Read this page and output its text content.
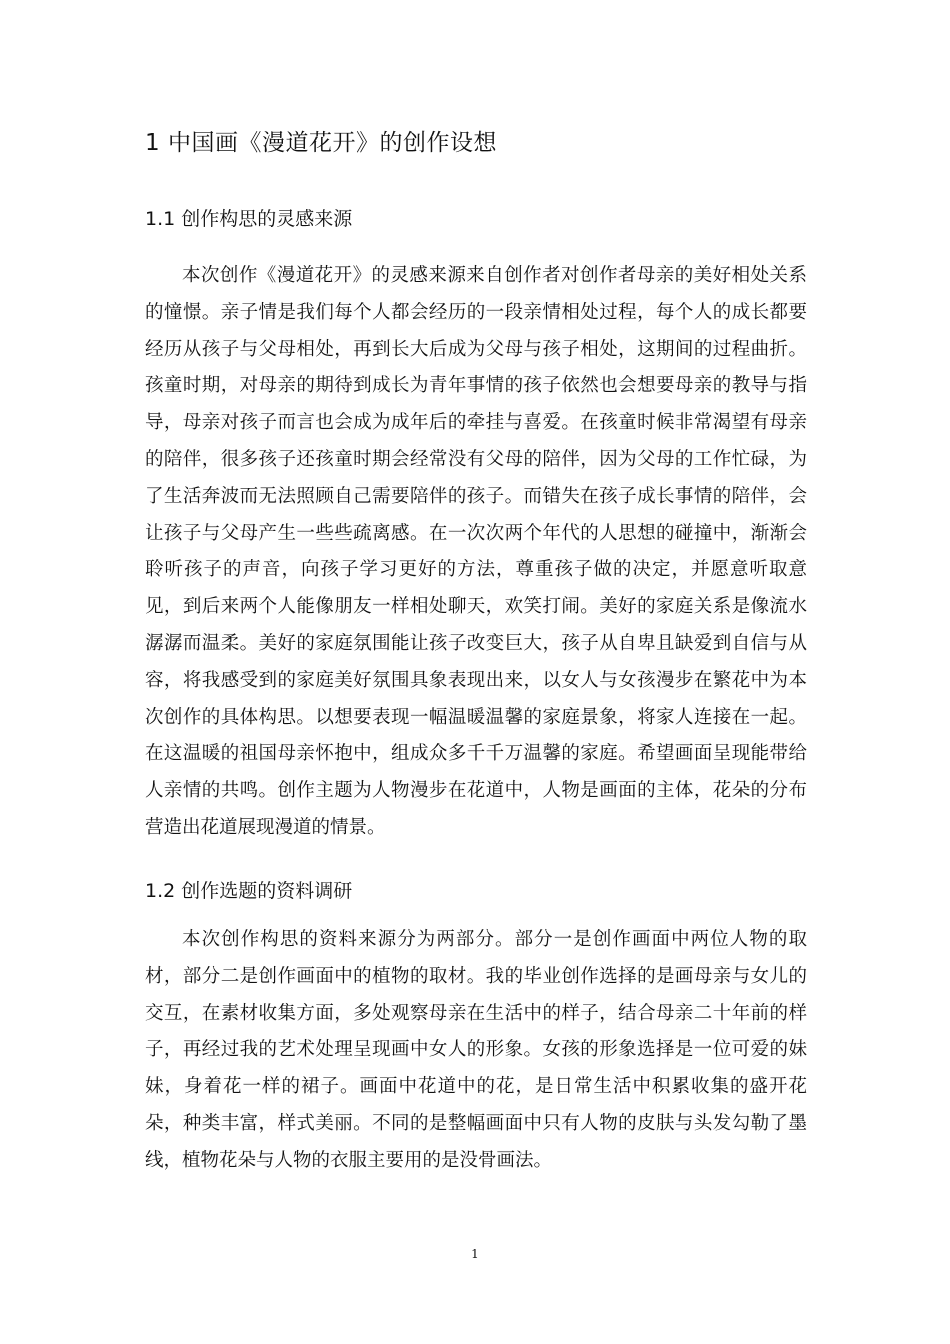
1 中国画《漫道花开》的创作设想
1.1 创作构思的灵感来源

本次创作《漫道花开》的灵感来源来自创作者对创作者母亲的美好相处关系的憧憬。亲子情是我们每个人都会经历的一段亲情相处过程，每个人的成长都要经历从孩子与父母相处，再到长大后成为父母与孩子相处，这期间的过程曲折。孩童时期，对母亲的期待到成长为青年事情的孩子依然也会想要母亲的教导与指导，母亲对孩子而言也会成为成年后的牵挂与喜爱。在孩童时候非常渴望有母亲的陪伴，很多孩子还孩童时期会经常没有父母的陪伴，因为父母的工作忙碌，为了生活奔波而无法照顾自己需要陪伴的孩子。而错失在孩子成长事情的陪伴，会让孩子与父母产生一些些疏离感。在一次次两个年代的人思想的碰撞中，渐渐会聆听孩子的声音，向孩子学习更好的方法，尊重孩子做的决定，并愿意听取意见，到后来两个人能像朋友一样相处聊天，欢笑打闹。美好的家庭关系是像流水潺潺而温柔。美好的家庭氛围能让孩子改变巨大，孩子从自卑且缺爱到自信与从容，将我感受到的家庭美好氛围具象表现出来，以女人与女孩漫步在繁花中为本次创作的具体构思。以想要表现一幅温暖温馨的家庭景象，将家人连接在一起。在这温暖的祖国母亲怀抱中，组成众多千千万温馨的家庭。希望画面呈现能带给人亲情的共鸣。创作主题为人物漫步在花道中，人物是画面的主体，花朵的分布营造出花道展现漫道的情景。

1.2 创作选题的资料调研

本次创作构思的资料来源分为两部分。部分一是创作画面中两位人物的取材，部分二是创作画面中的植物的取材。我的毕业创作选择的是画母亲与女儿的交互，在素材收集方面，多处观察母亲在生活中的样子，结合母亲二十年前的样子，再经过我的艺术处理呈现画中女人的形象。女孩的形象选择是一位可爱的妹妹，身着花一样的裙子。画面中花道中的花，是日常生活中积累收集的盛开花朵，种类丰富，样式美丽。不同的是整幅画面中只有人物的皮肤与头发勾勒了墨线，植物花朵与人物的衣服主要用的是没骨画法。

1
